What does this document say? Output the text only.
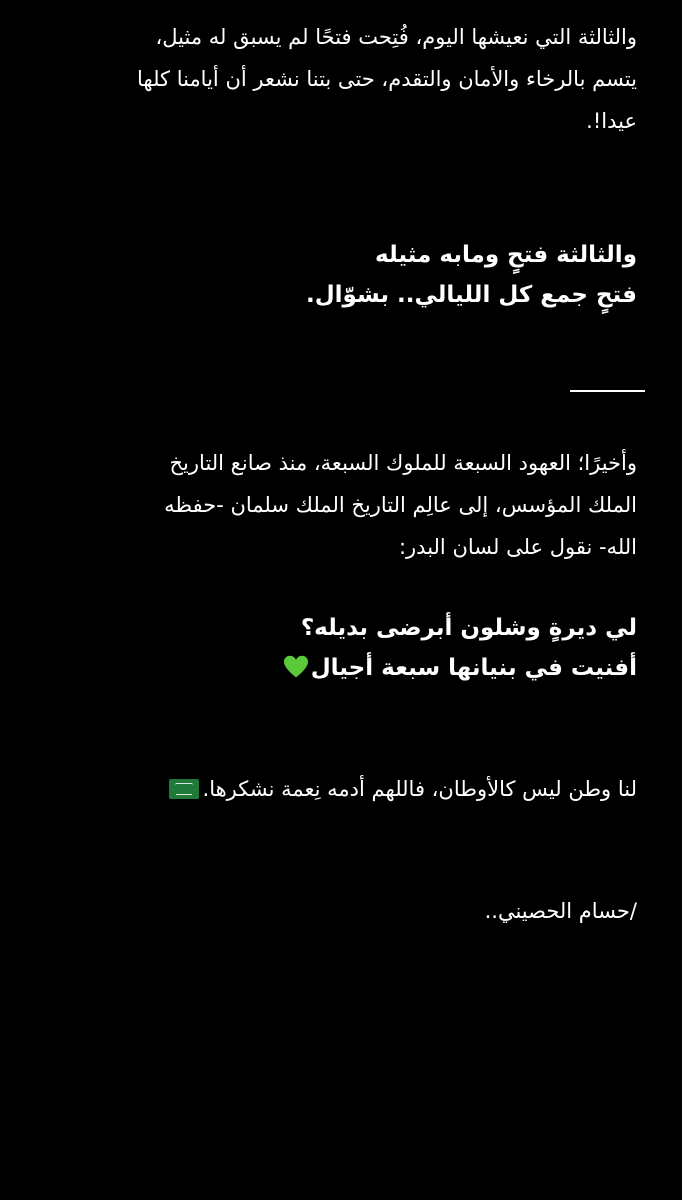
والثالثة التي نعيشها اليوم، فُتِحت فتحًا لم يسبق له مثيل،
يتسم بالرخاء والأمان والتقدم، حتى بتنا نشعر أن أيامنا كلها
عيدا!.
والثالثة فتحٍ ومابه مثيله
فتحٍ جمع كل الليالي.. بشوّال.
وأخيرًا؛ العهود السبعة للملوك السبعة، منذ صانع التاريخ
الملك المؤسس، إلى عالِم التاريخ الملك سلمان -حفظه
الله- نقول على لسان البدر:
لي ديرةٍ وشلون أبرضى بديله؟
أفنيت في بنيانها سبعة أجيال
لنا وطن ليس كالأوطان، فاللهم أدمه نِعمة نشكرها.
/حسام الحصيني..
